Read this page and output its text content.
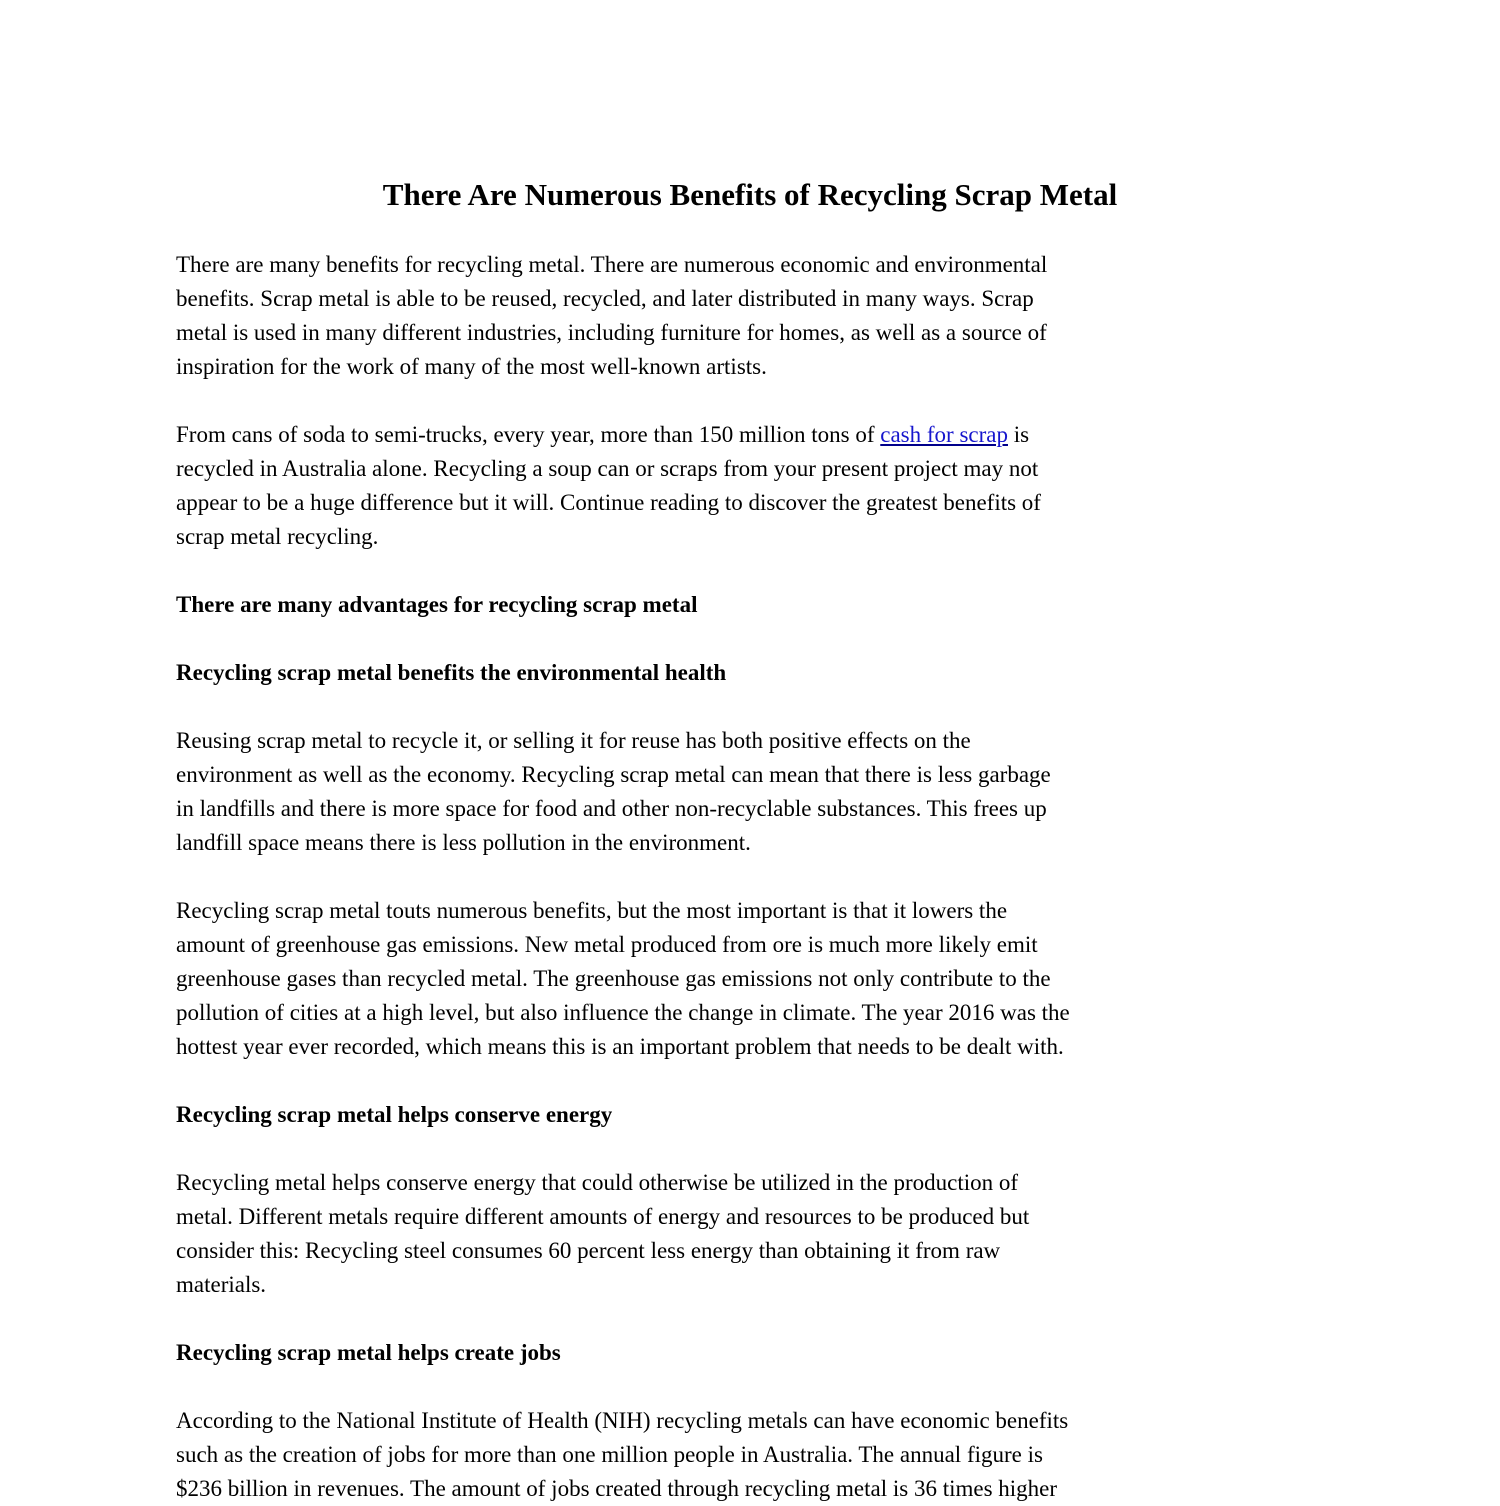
There Are Numerous Benefits of Recycling Scrap Metal
There are many benefits for recycling metal. There are numerous economic and environmental
benefits. Scrap metal is able to be reused, recycled, and later distributed in many ways. Scrap
metal is used in many different industries, including furniture for homes, as well as a source of
inspiration for the work of many of the most well-known artists.
From cans of soda to semi-trucks, every year, more than 150 million tons of cash for scrap is
recycled in Australia alone. Recycling a soup can or scraps from your present project may not
appear to be a huge difference but it will. Continue reading to discover the greatest benefits of
scrap metal recycling.
There are many advantages for recycling scrap metal
Recycling scrap metal benefits the environmental health
Reusing scrap metal to recycle it, or selling it for reuse has both positive effects on the
environment as well as the economy. Recycling scrap metal can mean that there is less garbage
in landfills and there is more space for food and other non-recyclable substances. This frees up
landfill space means there is less pollution in the environment.
Recycling scrap metal touts numerous benefits, but the most important is that it lowers the
amount of greenhouse gas emissions. New metal produced from ore is much more likely emit
greenhouse gases than recycled metal. The greenhouse gas emissions not only contribute to the
pollution of cities at a high level, but also influence the change in climate. The year 2016 was the
hottest year ever recorded, which means this is an important problem that needs to be dealt with.
Recycling scrap metal helps conserve energy
Recycling metal helps conserve energy that could otherwise be utilized in the production of
metal. Different metals require different amounts of energy and resources to be produced but
consider this: Recycling steel consumes 60 percent less energy than obtaining it from raw
materials.
Recycling scrap metal helps create jobs
According to the National Institute of Health (NIH) recycling metals can have economic benefits
such as the creation of jobs for more than one million people in Australia. The annual figure is
$236 billion in revenues. The amount of jobs created through recycling metal is 36 times higher
